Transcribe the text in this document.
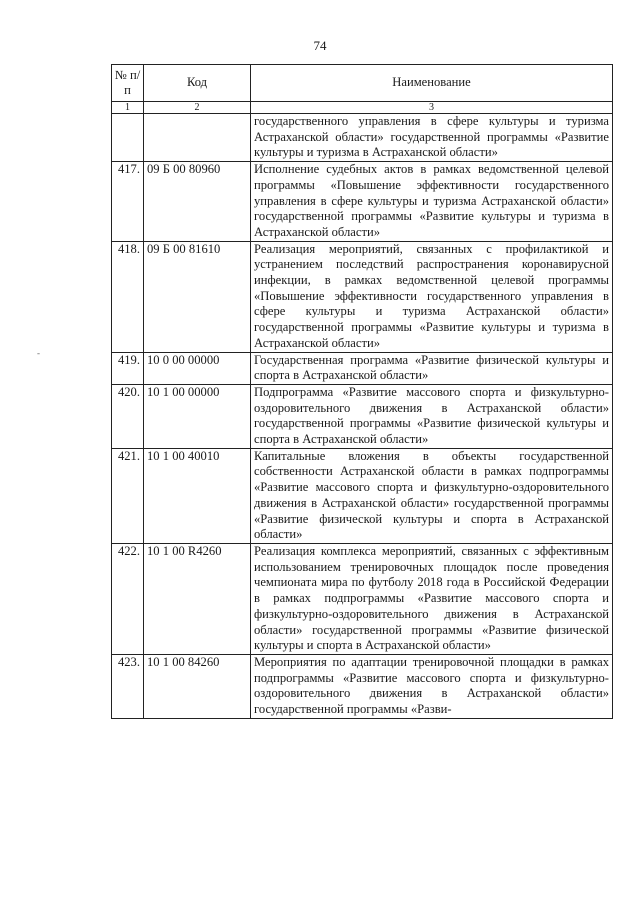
74
-
№ п/п	Код	Наименование
1	2	3
		государственного управления в сфере культуры и туризма Астраханской области» государственной программы «Развитие культуры и туризма в Астраханской области»
417.	09 Б 00 80960	Исполнение судебных актов в рамках ведомственной целевой программы «Повышение эффективности государственного управления в сфере культуры и туризма Астраханской области» государственной программы «Развитие культуры и туризма в Астраханской области»
418.	09 Б 00 81610	Реализация мероприятий, связанных с профилактикой и устранением последствий распространения коронавирусной инфекции, в рамках ведомственной целевой программы «Повышение эффективности государственного управления в сфере культуры и туризма Астраханской области» государственной программы «Развитие культуры и туризма в Астраханской области»
419.	10 0 00 00000	Государственная программа «Развитие физической культуры и спорта в Астраханской области»
420.	10 1 00 00000	Подпрограмма «Развитие массового спорта и физкультурно-оздоровительного движения в Астраханской области» государственной программы «Развитие физической культуры и спорта в Астраханской области»
421.	10 1 00 40010	Капитальные вложения в объекты государственной собственности Астраханской области в рамках подпрограммы «Развитие массового спорта и физкультурно-оздоровительного движения в Астраханской области» государственной программы «Развитие физической культуры и спорта в Астраханской области»
422.	10 1 00 R4260	Реализация комплекса мероприятий, связанных с эффективным использованием тренировочных площадок после проведения чемпионата мира по футболу 2018 года в Российской Федерации в рамках подпрограммы «Развитие массового спорта и физкультурно-оздоровительного движения в Астраханской области» государственной программы «Развитие физической культуры и спорта в Астраханской области»
423.	10 1 00 84260	Мероприятия по адаптации тренировочной площадки в рамках подпрограммы «Развитие массового спорта и физкультурно-оздоровительного движения в Астраханской области» государственной программы «Разви-
